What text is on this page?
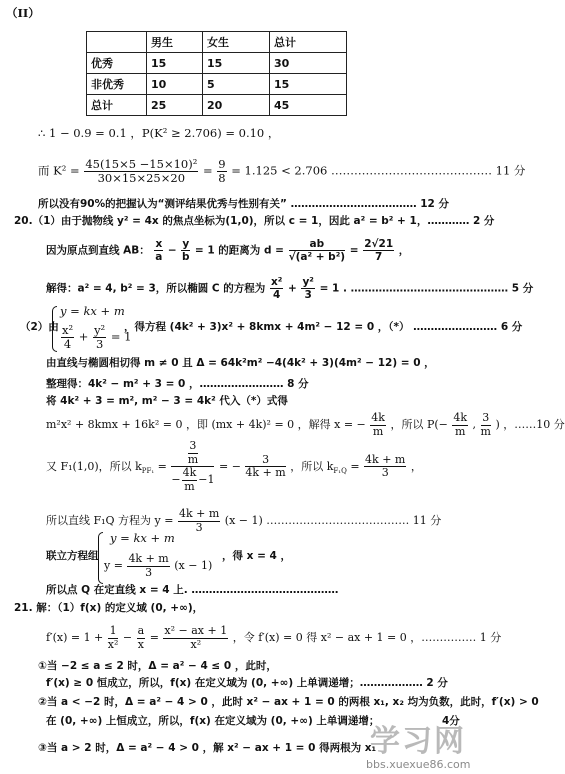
（II）
	男生	女生	总计
优秀	15	15	30
非优秀	10	5	15
总计	25	20	45
∴ 1 − 0.9 = 0.1 ，P(K² ≥ 2.706) = 0.10 ，
而 $K^2 = \frac{\text{45(15×5 −15×10)²}}{30\times 15\times 25\times 20} = \frac{9}{8} = 1.125 < 2.706$ …………………………………… 11 分
所以没有90%的把握认为“测评结果优秀与性别有关” ……………………………… 12 分
20.（1）由于抛物线 y² = 4x 的焦点坐标为(1,0)，所以 c = 1，因此 a² = b² + 1，………… 2 分
因为原点到直线 AB： $\frac{x}{a} - \frac{y}{b} = 1$ 的距离为 $d = \frac{ab}{\text{√(a² + b²)}} = \frac{2√21}{7}$ ，
解得：a² = 4, b² = 3，所以椭圆 C 的方程为 $\frac{\text{x²}}{4} + \frac{\text{y²}}{3} = 1$ . ……………………………………… 5 分
（2）由
y = kx + m
$\frac{\text{x²}}{4} + \frac{\text{y²}}{3} = 1$
，得方程 (4k² + 3)x² + 8kmx + 4m² − 12 = 0 ，（*） …………………… 6 分
由直线与椭圆相切得 m ≠ 0 且 Δ = 64k²m² −4(4k² + 3)(4m² − 12) = 0 ，
整理得：4k² − m² + 3 = 0 ，…………………… 8 分
将 4k² + 3 = m², m² − 3 = 4k² 代入（*）式得
m²x² + 8kmx + 16k² = 0 ，即 (mx + 4k)² = 0 ，解得 x = − $\frac{4k}{m}$ ，所以 $P(- \frac{4k}{m}$ , $\frac{3}{m}$ ) ，……10 分
又 F₁(1,0)，所以 $k_{PF_1} = \frac{\frac{3}{m}}{- \frac{4k}{m} -1}$ = − $\frac{3}{4k + m}$ ，所以 $k_{F_1Q} = \frac{4k + m}{3}$ ，
所以直线 F₁Q 方程为 $y = \frac{4k + m}{3} (x - 1)$ ………………………………… 11 分
联立方程组
y = kx + m
$y = \frac{4k + m}{3} (x - 1)$
，得 x = 4 ，
所以点 Q 在定直线 x = 4 上. ……………………………………
21. 解：（1）f(x) 的定义域 (0, +∞)，
$f'(x) = 1 + \frac{1}{\text{x²}} - \frac{a}{x} = \frac{\text{x² − ax + 1}}{\text{x²}}$ ，令 f′(x) = 0 得 x² − ax + 1 = 0 ，…………… 1 分
①当 −2 ≤ a ≤ 2 时，Δ = a² − 4 ≤ 0 ，此时，
f′(x) ≥ 0 恒成立，所以，f(x) 在定义域为 (0, +∞) 上单调递增；……………… 2 分
②当 a < −2 时，Δ = a² − 4 > 0 ，此时 x² − ax + 1 = 0 的两根 x₁, x₂ 均为负数，此时，f′(x) > 0
在 (0, +∞) 上恒成立，所以，f(x) 在定义域为 (0, +∞) 上单调递增；
③当 a > 2 时，Δ = a² − 4 > 0 ，解 x² − ax + 1 = 0 得两根为 x₁
4分
学习网
bbs.xuexue86.com
